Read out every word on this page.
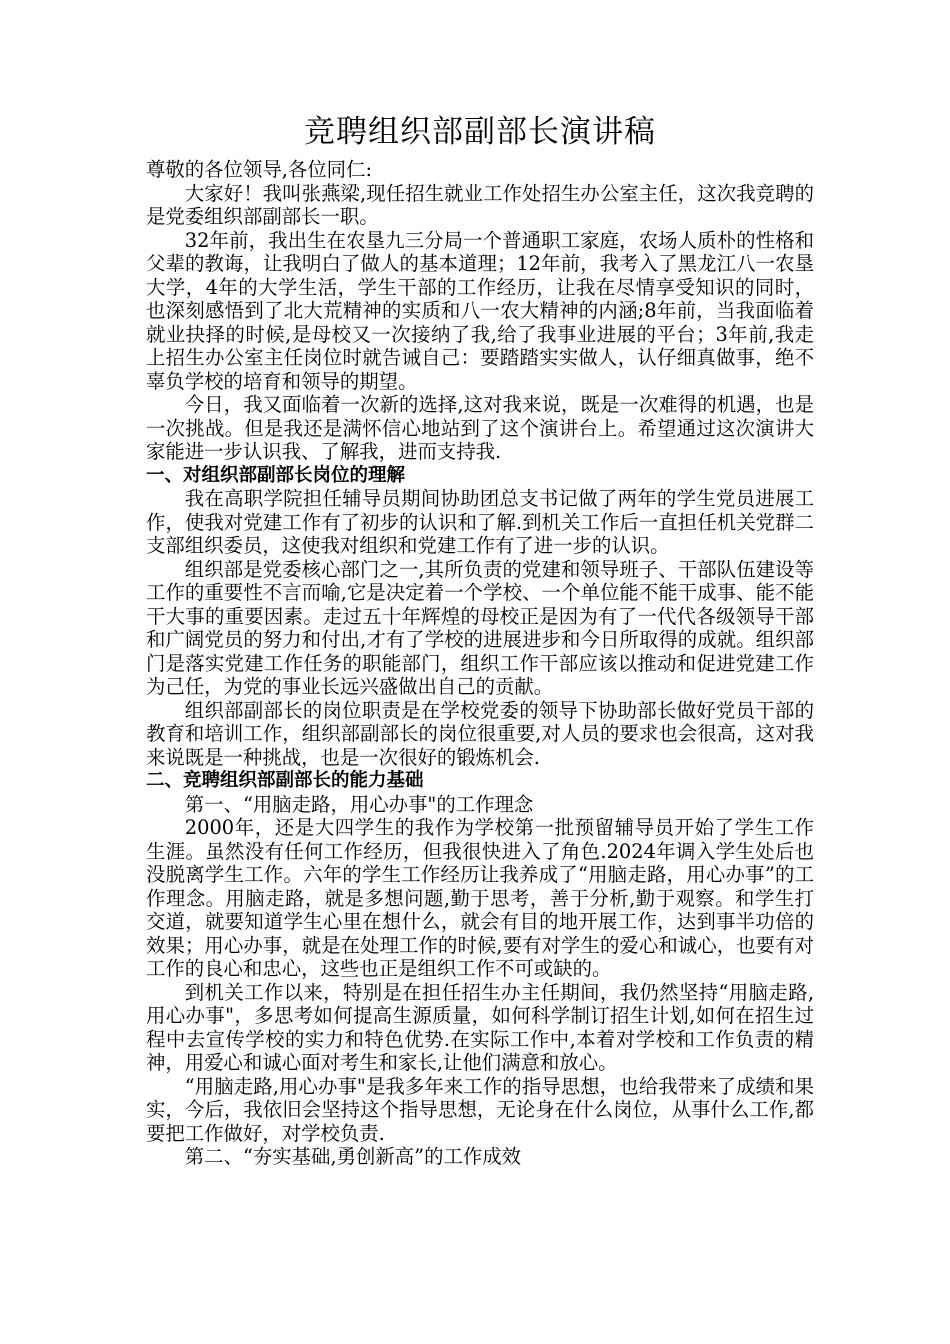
竞聘组织部副部长演讲稿

尊敬的各位领导,各位同仁:

大家好！我叫张燕梁,现任招生就业工作处招生办公室主任，这次我竞聘的是党委组织部副部长一职。

32年前，我出生在农垦九三分局一个普通职工家庭，农场人质朴的性格和父辈的教诲，让我明白了做人的基本道理；12年前，我考入了黑龙江八一农垦大学，4年的大学生活，学生干部的工作经历，让我在尽情享受知识的同时，也深刻感悟到了北大荒精神的实质和八一农大精神的内涵;8年前，当我面临着就业抉择的时候,是母校又一次接纳了我,给了我事业进展的平台；3年前,我走上招生办公室主任岗位时就告诫自己：要踏踏实实做人，认仔细真做事，绝不辜负学校的培育和领导的期望。

今日，我又面临着一次新的选择,这对我来说，既是一次难得的机遇，也是一次挑战。但是我还是满怀信心地站到了这个演讲台上。希望通过这次演讲大家能进一步认识我、了解我，进而支持我.

一、对组织部副部长岗位的理解

我在高职学院担任辅导员期间协助团总支书记做了两年的学生党员进展工作，使我对党建工作有了初步的认识和了解.到机关工作后一直担任机关党群二支部组织委员，这使我对组织和党建工作有了进一步的认识。

组织部是党委核心部门之一,其所负责的党建和领导班子、干部队伍建设等工作的重要性不言而喻,它是决定着一个学校、一个单位能不能干成事、能不能干大事的重要因素。走过五十年辉煌的母校正是因为有了一代代各级领导干部和广阔党员的努力和付出,才有了学校的进展进步和今日所取得的成就。组织部门是落实党建工作任务的职能部门，组织工作干部应该以推动和促进党建工作为己任，为党的事业长远兴盛做出自己的贡献。

组织部副部长的岗位职责是在学校党委的领导下协助部长做好党员干部的教育和培训工作，组织部副部长的岗位很重要,对人员的要求也会很高，这对我来说既是一种挑战，也是一次很好的锻炼机会.

二、竞聘组织部副部长的能力基础

第一、“用脑走路，用心办事"的工作理念

2000年，还是大四学生的我作为学校第一批预留辅导员开始了学生工作生涯。虽然没有任何工作经历，但我很快进入了角色.2024年调入学生处后也没脱离学生工作。六年的学生工作经历让我养成了“用脑走路，用心办事”的工作理念。用脑走路，就是多想问题,勤于思考，善于分析,勤于观察。和学生打交道，就要知道学生心里在想什么，就会有目的地开展工作，达到事半功倍的效果；用心办事，就是在处理工作的时候,要有对学生的爱心和诚心，也要有对工作的良心和忠心，这些也正是组织工作不可或缺的。

到机关工作以来，特别是在担任招生办主任期间，我仍然坚持“用脑走路,用心办事"，多思考如何提高生源质量，如何科学制订招生计划,如何在招生过程中去宣传学校的实力和特色优势.在实际工作中,本着对学校和工作负责的精神，用爱心和诚心面对考生和家长,让他们满意和放心。

“用脑走路,用心办事"是我多年来工作的指导思想，也给我带来了成绩和果实，今后，我依旧会坚持这个指导思想，无论身在什么岗位，从事什么工作,都要把工作做好，对学校负责.

第二、“夯实基础,勇创新高”的工作成效
